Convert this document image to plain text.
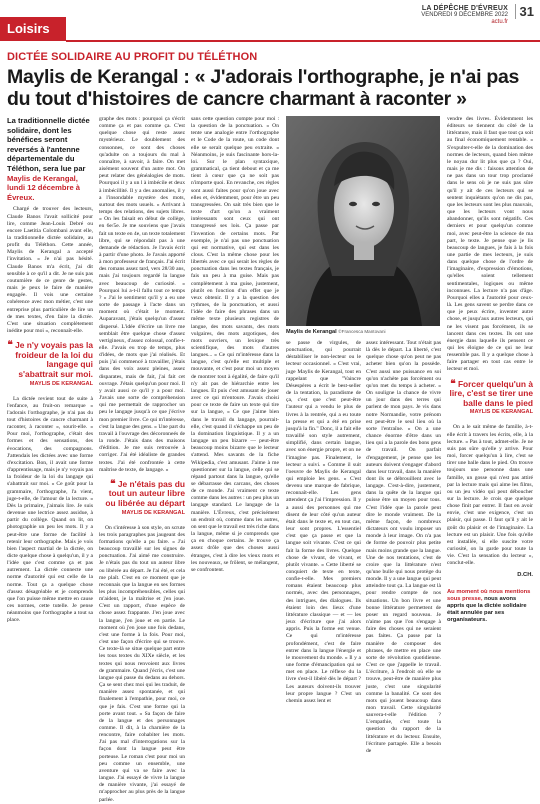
Loisirs
LA DÉPÊCHE D'ÉVREUX
VENDREDI 9 DÉCEMBRE 2022
actu.fr
31
DICTÉE SOLIDAIRE AU PROFIT DU TÉLÉTHON
Maylis de Kerangal : « J'adorais l'orthographe, je n'ai pas du tout d'histoires de cancre charmant à raconter »
La traditionnelle dictée solidaire, dont les bénéfices seront reversés à l'antenne départementale du Téléthon, sera lue par Maylis de Kerangal, lundi 12 décembre à Évreux.

Chargé de trouver des lecteurs, Claude Banos l'avait sollicité pour lire, comme Jean-Louis Debré ou encore Laetitia Colombani avant elle, la traditionnelle dictée solidaire, au profit du Téléthon. Cette année, Maylis de Kerangal a accepté l'invitation. « Je n'ai pas hésité. Claude Banos m'a écrit, j'ai dit sensible à ce qu'il a dit. Je ne suis pas coutumière de ce genre de gestes, mais je peux le faire de manière engagée. Il vois une certaine cohérence avec mon métier, c'est une entreprise plus particulière de lire un de mes textes, d'en faire la dictée. C'est une situation complètement inédite pour moi », reconnaît-elle.

❝ Je n'y voyais pas la froideur de la loi du langage qui s'abattrait sur moi.
MAYLIS DE KERANGAL

La dictée revient tout de suite à l'enfance, au fruit-on remarque « l'adorais l'orthographe, je n'ai pas du tout d'histoires de cancre charmant à raconter, à raconter », sourit-elle. « Pour moi, l'orthographe, c'était des formes et des sensations, des évocations, des compagnons. J'attendais les dictées avec une forme d'excitation. Bon, il avait une forme d'apprentissage, mais je n'y voyais pas la froideur de la loi du langage qui s'abattrait sur moi. » Ce goût pour la grammaire, l'orthographe, l'a vient, juge-t-elle, de l'amour de la lecture. « Dès la primaire, j'aimais lire. Je suis devenue une lectrice assez assidue, à partir du collège. Quand on lit, on photographie un peu les mots. Il y a peut-être une forme de facilité à retenir leur orthographe. Mais je vois bien l'aspect martial de la dictée, on dicte quelque chose à quelqu'un, il y a l'idée que c'est comme ça et pas autrement. La dictée connecte une norme d'autorité qui est celle de la norme. Tout ça a quelque chose d'assez désagréable et je comprends que l'on puisse même mettre en cause ces normes, cette tutelle. Je pense néanmoins que l'orthographe a tout sa place.

graphe des mots : pourquoi ça s'écrit comme ça et pas comme ça. C'est quelque chose qui reste assez mystérieux. Le doublement des consonnes, ce sont des choses qu'adulte on a toujours du mal à connaître, à savoir, à faire. On met aisément souvent d'un autre mot. On peut relater des généalogies de mots. Pourquoi il y a un l à imbécile et deux à imbécillité. Il y a des anomalies, il y a l'insondable mystère des mots, surtout des mots usuels. » Arrivant à temps des relations, des sujets libres. « On les faisait en début de collège, en 6e/5e. Je me souviens que j'avais fait un texte en 4e, un texte totalement libre, qui se répondait pas à une demande de rédaction. Je l'avais écrit à partir d'une photo. Je l'avais apporté à mon professeur de français. J'ai écrit des romans assez tard, vers 28/30 ans, mais j'ai toujours regardé la langue avec beaucoup de curiosité. » Pourquoi lui a-t-il fallu tout ce temps ? « J'ai le sentiment qu'il y a eu une sorte de passage à l'acte dans un moment où c'était le moment. Auparavant, j'étais quelqu'un d'assez dispersé. L'idée d'écrire un livre me semblait être quelque chose d'assez vertigineux, d'assez colossal, confie-t-elle. J'avais eu trop de temps, plus d'idées, de mots que j'ai réalisés. Et puis j'ai commencé à travailler, j'étais dans des voix assez pleines, assez disparates, mais de fait, j'ai fait cet ouvrage. J'étais quelqu'un pour moi. Il y avait aussi ce qu'il y a pour moi. J'avais une sorte de compréhension qui me permettait de rapprocher un peu le langage jusqu'à ce que j'écrive mon premier livre. Ce qui m'intéresse, c'est la langue des gens. » Une part du travail à l'ouvrage des décoronneés de la ronde. J'étais dans des maisons d'édition. Je me suis retrouvée à corriger. J'ai été idéaliste de grandes textes. J'ai été confrontée à cette maîtrise de texte, de langage. »

❝ Je n'étais pas du tout un auteur libre ou libérée au départ
MAYLIS DE KERANGAL

On s'intéresse à son style, on scrute les trois paragraphes pas jaugeant des formations qu'elle a pu faire. « J'ai beaucoup travaillé sur les signes de ponctuation. J'ai aimé me construire. Je n'étais pas du tout un auteur libre ou libérée au départ. Je l'ai été, et cela me plaît. C'est en ce moment que je reconnais que la langue en ses formes les plus incompréhensibles, celles qui m'aident, je la maîtrise et j'en joue. C'est un rapport, d'une espèce de chose assez frappante. J'en joue avec la langue, j'en joue et en partie. Le moment où j'en joue une fois dedans, c'est une forme à la fois. Pour moi, c'est une façon d'écrire qui se trouve. Ce texte-là se situe quelque part entre les tous textes du XIXe siècle, et les textes qui nous renvoient aux livres de grammaire. Quand j'écris, c'est une langue qui passe du dedans au dehors. Ça se sent chez moi qui les traduit, de manière assez spontanée, et qui finalement à l'empathie, pour moi, ce que je fais. C'est une forme qui la porte avant tout. » Sa façon de faire de la langue et des personnages comme. Il dit, à la charnière de la rencontre, faire cohabiter les mots. J'ai pas mal d'interrogations sur la façon dont la langue peut être porteuse. Le roman c'est pour moi un peu comme un ensemble, une aventure qui va se faire avec la langue. J'ai essayé de vivre la langue de manière vivante, j'ai essayé de m'approcher au plus près de la langue parlée.

sans cette question compte pour moi : la question de la ponctuation. » On tente une analogie entre l'orthographe et le Code de la route, un code dont elle se serait quelque peu extraite. « Néanmoins, je suis fascinante hors-la-loi. Sur le plan syntaxique, grammatical, ça tient debout et ça me tient à cœur que ça ne soit pas n'importe quoi. En revanche, ces règles sont aussi faites pour qu'on joue avec elles et, évidemment, pour être un peu transgressées. On sait très bien que le texte d'art qu'on a vraiment intéressants sont ceux qui ont transgressé ses lois. Ça passe par l'invention de certains mots. Par exemple, je n'ai pas une ponctuation qui est normative, qui est dans les clous. C'est la même chose pour les libertés avec ce qui serait les règles de ponctuation dans les textes français, je fais un peu à ma guise. Mais pas complètement à ma guise, justement, plutôt en fonction d'un effet que je veux obtenir. Il y a la question des rythmes, de la ponctuation, et aussi l'idée de faire des phrases dans un même texte plusieurs registres de langue, des mots savants, des mots vulgaires, des mots argotiques, des mots ouvriers, un lexique très scientifique, des mots d'autres langues... « Ce qui m'intéresse dans la langue, c'est qu'elle est multiple et mouvante, et c'est pour moi un moyen de montrer tout à égalité, de faire qu'il n'y ait pas de hiérarchie entre les langues. Et puis c'est amusant de jouer avec ce qui m'entoure. J'avais choisi pour ce texte de faire un texte qui tire sur la langue, « Ce que j'aime bien dans le travail du langage, pourrait-elle, c'est quand il s'échappe un peu de la domination linguistique. Il y a un langage un peu bizarre — peut-être beaucoup moins bizarre que le lecteur s'attend. Mes savants de la fiche Wikipedia, c'est amusant. J'aime à me questionner sur la langue, celle qui se répand partout dans la langue, qu'elle se débarrasse des carcans, des choses de ce monde. J'ai vraiment ce texte comme dans les autres : un peu plus un langage standard. Le langage de la manière. L'Évreux, c'est précisément un endroit où, comme dans les autres, on sent que le travail est très riche dans la langue, même si je comprends que ça en choque certains. Je trouve ça assez drôle que des choses aussi étranges, c'est à dire les vieux mots et les nouveaux, se frôlent, se mélangent, se confrontent.

Maylis de Kerangal ©Francesca Mantovani

se passe de virgules, de ponctuation, qui pourrait déstabiliser le non-lecteur ou le lecteur occasionnel. « C'est vrai, juge Maylis de Kerangal, tout en rappelant que "Vaincre Désespères a écrit le best-seller de la tentation, la paradisme de ça, c'est que c'est peut-être l'auteur qui a vendu le plus de livres à la rentrée, qui a eu toute la presse et qui a été en prise jusqu'à la fin." Donc, il a fait elle travaillé son style autrement, simplifié, dans certain langue, avec son énergie propre, et on ne l'imagine pas. Finalement, le lecteur a suivi. » Comme il suit l'oeuvre de Maylis de Kerangal qui emploie les gens. « C'est devenu une marque de fabrique, reconnaît-elle. Les gens attendent ça j'ai l'impression. Il y a aussi des personnes qui me disent de leur côté qu'un auteur était dans le texte et, en tout cas, leur sont propres. L'essentiel c'est que ça passe et que la langue soit vivante. C'est ce qui fait la forme des livres. Quelque chose de vivant, de vivant, et plutôt vivante. « Cette liberté se conquiert de texte en texte, confie-t-elle. Mes premiers romans étaient beaucoup plus normés, avec des personnages, des intrigues, des dialogues. Ils étaient loin des lieux d'une littérature classique — et — les jeux d'écriture que j'ai alors appris. Puis la forme est venue. Ce qui m'intéresse profondément, c'est de faire entrer dans la langue l'énergie et le mouvement du monde. » Il y a une forme d'émancipation qui se met en place. Le réflexe du la livre s'est-il libéré dès le départ ? Les auteurs doivent-ils trouver leur propre langue ? C'est un chemin assez lent et

assez intéressant. Tout n'était pas là dès le départ. La liberté, c'est quelque chose qu'on peut ne pas acheter bien qu'on la possède. C'est aussi une puissance en soi qu'on n'achète pas forcément ou qu'on met du temps à acheter. » On souligne la chance de vivre un jour dans des terres qui parlent de mon pays. Je vis dans notre Normandie, votre prénom est peut-être le seul lieu où la sorte l'entraîne. « On a une chance énorme d'être dans un lieu qui a la parole des bons gens de travail. On parfait d'engagement, je pense que les auteurs doivent s'engager d'abord dans leur travail, dans la manière dont ils se débrouillent avec le langage. C'est-à-dire, justement, dans la quête de la langue qui puisse être un moyen pour tous. C'est l'idée que la parole peut dire le monde vraiment. De la même façon, de nombreux dictateurs ont voulu imposer un monde à leur image. On n'a pas de forme de pouvoir plus petite mais moins grande que la langue. Une de nos tentations, c'est de croire que la littérature n'est qu'une bulle qui nous protège du monde. Il y a une langue qui peut atteindre tout ça. La langue est là pour rendre compte de nos situations. Un bon livre et une bonne littérature permettent de poser un regard nouveau. Je n'aime pas que l'on s'engage à faire des choses qui ne seraient pas faites. Ça passe par la manière de composer des phrases, de mettre en place une sorte de révolution quotidienne. C'est ce que j'appelle le travail. L'écriture, à l'endroit où elle se trouve, peut-être de manière plus juste, c'est une singularité comme la banalité. Ce sont des mots qui jouent beaucoup dans mon travail. Cette singularité sauvera-t-elle l'édition ? L'empathie, c'est toute la question du rapport de la littérature et du lecteur. Ensuite, l'écriture partagée. Elle a besoin de

vendre des livres. Évidemment les éditeurs se tiennent du côté de la littérature, mais il faut que tout ça soit au final économiquement rentable. « S'expulter-t-elle de la domination des normes de lecteurs, quand bien même le noyau dur lit plus que ça ? Oui, mais je me dis : faisons attention de ne pas dans un tour trop proclamé dans le sens où je ne suis pas sûre qu'il y ait de ces lecteurs qui se sentent inquiétants qu'on ne dis pas, que les lecteurs sont les plus mauvais, que les lecteurs vont nous abandonner, qu'ils sont négatifs. Ces derniers et pour quelqu'un comme moi, avec peut-être la science de ma part, le texte. Je pense que je lis beaucoup de langues, je fais à la fois une partie de mes lecteurs, je suis dans quelque chose de l'ordre de l'imaginaire, d'expression d'émotions, qu'elles soient tellement sentimentales, logiques ou même inconnues. La lecture n'a pas d'âge. Pourquoi elles a l'autorité pour ceux-là. Les gens savent se perdre dans ce que je peux écrire, inventer autre chose, et jusqu'aux autres lecteurs, qui ne les visent pas forcément, ils se lancent dans ces textes. Ils ont une énergie dans laquelle ils pensent ce qui les éloigne de ce qui ne leur ressemble pas. Il y a quelque chose à faire partager en tout cas entre le lecteur et moi.

❝ Forcer quelqu'un à lire, c'est se tirer une balle dans le pied
MAYLIS DE KERANGAL

On a le sait même de famille, à-t-elle écrit à travers les écrits, elle, à la lecture. « Pas à tout, admet-elle. Je ne suis pas sûre qu'elle y arrive. Pour moi, forcer quelqu'un à lire, c'est se tirer une balle dans le pied. On trouve toujours une personne dans une famille, un gosse qui n'est pas attiré par la lecture mais qui aime les films, ou un jeu vidéo qui peut déboucher sur la lecture. Je crois que quelque chose finit par entrer. Il faut en avoir envie, c'est une exigence, c'est un plaisir, qui passe. Il faut qu'il y ait le goût du plaisir et de l'imaginaire. La lecture est un plaisir. Une fois qu'elle est installée, si elle suscite votre curiosité, on la garde pour toute la vie. C'est la sensation du lecteur », conclut-elle.

D.CH.
Au moment où nous mentions sous presse, nous avons appris que la dictée solidaire était annulée par ses organisateurs.
